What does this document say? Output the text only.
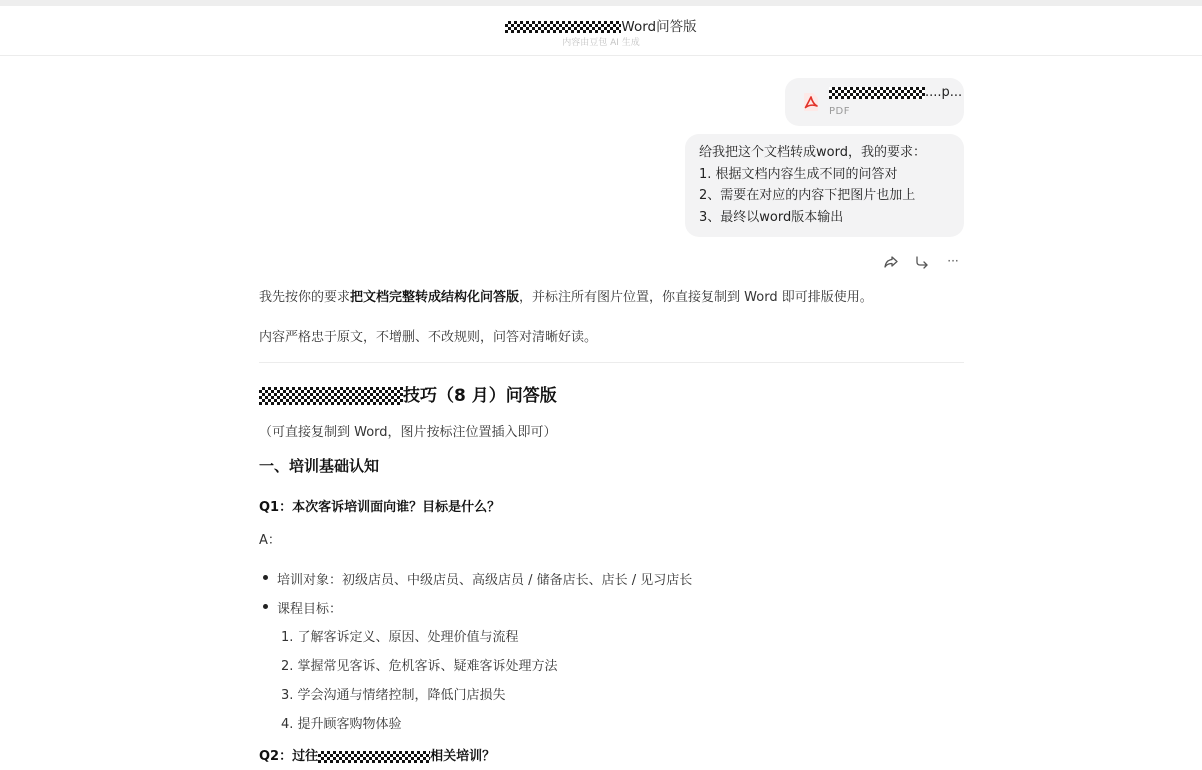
Word问答版
内容由豆包 AI 生成
....p...
PDF
给我把这个文档转成word，我的要求：
1. 根据文档内容生成不同的问答对
2、需要在对应的内容下把图片也加上
3、最终以word版本输出
···
我先按你的要求把文档完整转成结构化问答版，并标注所有图片位置，你直接复制到 Word 即可排版使用。
内容严格忠于原文，不增删、不改规则，问答对清晰好读。
技巧（8 月）问答版
（可直接复制到 Word，图片按标注位置插入即可）
一、培训基础认知
Q1：本次客诉培训面向谁？目标是什么？
A：
培训对象：初级店员、中级店员、高级店员 / 储备店长、店长 / 见习店长
课程目标：
1. 了解客诉定义、原因、处理价值与流程
2. 掌握常见客诉、危机客诉、疑难客诉处理方法
3. 学会沟通与情绪控制，降低门店损失
4. 提升顾客购物体验
Q2：过往	相关培训？
